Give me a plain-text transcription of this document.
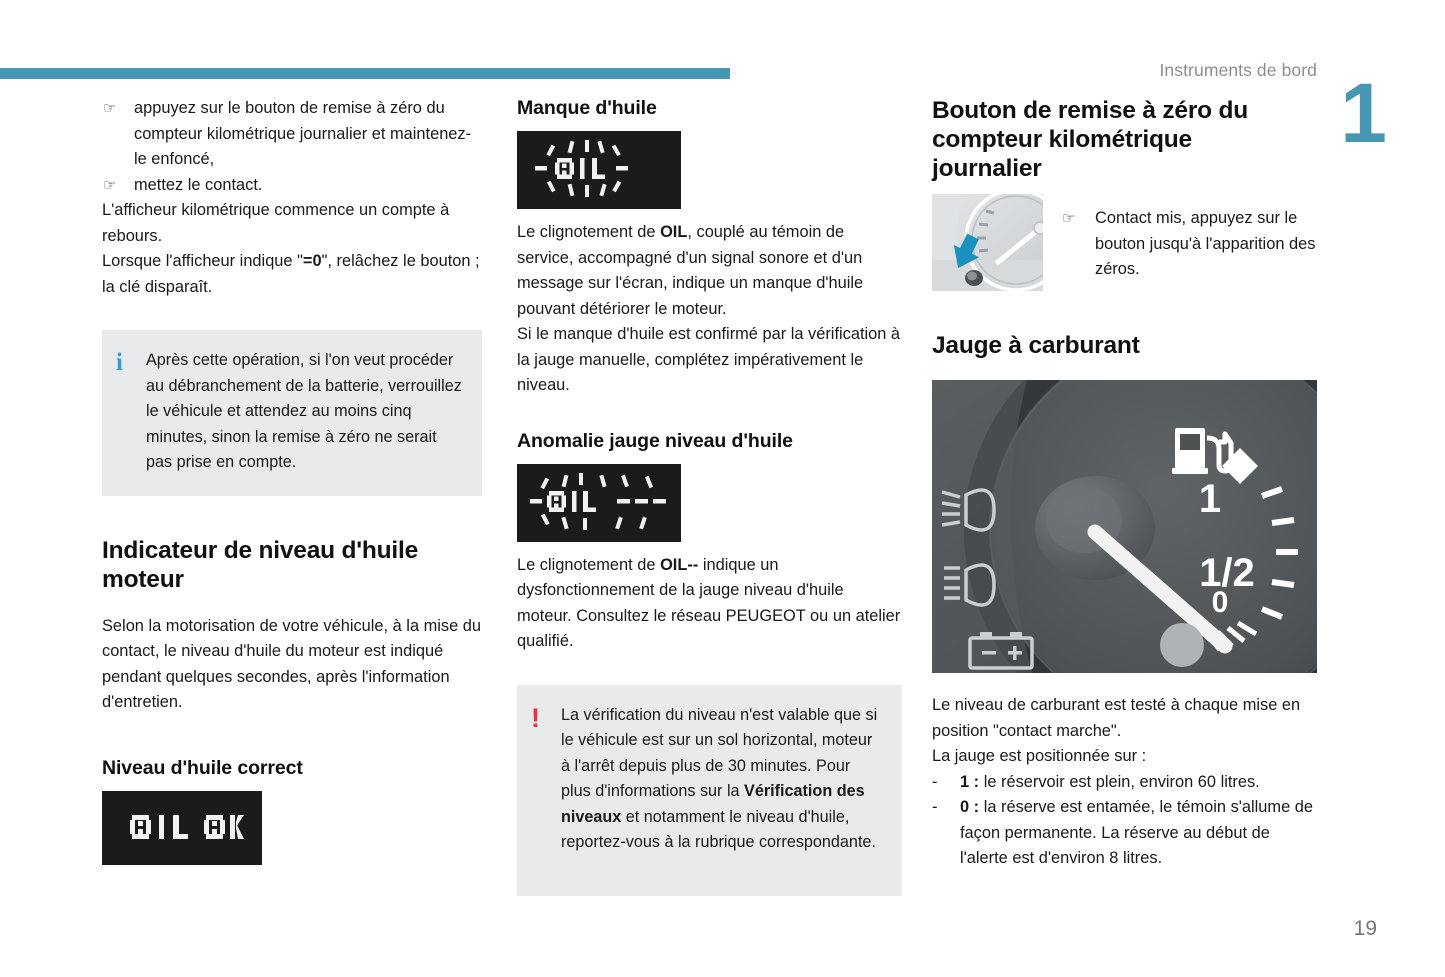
Instruments de bord 1
19
☞	appuyez sur le bouton de remise à zéro du compteur kilométrique journalier et maintenez-le enfoncé,
☞	mettez le contact.
L'afficheur kilométrique commence un compte à rebours.
Lorsque l'afficheur indique "=0", relâchez le bouton ; la clé disparaît.
i	Après cette opération, si l'on veut procéder au débranchement de la batterie, verrouillez le véhicule et attendez au moins cinq minutes, sinon la remise à zéro ne serait pas prise en compte.
Indicateur de niveau d'huile moteur
Selon la motorisation de votre véhicule, à la mise du contact, le niveau d'huile du moteur est indiqué pendant quelques secondes, après l'information d'entretien.
Niveau d'huile correct
Manque d'huile
Le clignotement de OIL, couplé au témoin de service, accompagné d'un signal sonore et d'un message sur l'écran, indique un manque d'huile pouvant détériorer le moteur.
Si le manque d'huile est confirmé par la vérification à la jauge manuelle, complétez impérativement le niveau.
Anomalie jauge niveau d'huile
Le clignotement de OIL-- indique un dysfonctionnement de la jauge niveau d'huile moteur. Consultez le réseau PEUGEOT ou un atelier qualifié.
!	La vérification du niveau n'est valable que si le véhicule est sur un sol horizontal, moteur à l'arrêt depuis plus de 30 minutes. Pour plus d'informations sur la Vérification des niveaux et notamment le niveau d'huile, reportez-vous à la rubrique correspondante.
Bouton de remise à zéro du compteur kilométrique journalier
☞	Contact mis, appuyez sur le bouton jusqu'à l'apparition des zéros.
Jauge à carburant
1
1/2
0
Le niveau de carburant est testé à chaque mise en position "contact marche".
La jauge est positionnée sur :
-	1 : le réservoir est plein, environ 60 litres.
-	0 : la réserve est entamée, le témoin s'allume de façon permanente. La réserve au début de l'alerte est d'environ 8 litres.
